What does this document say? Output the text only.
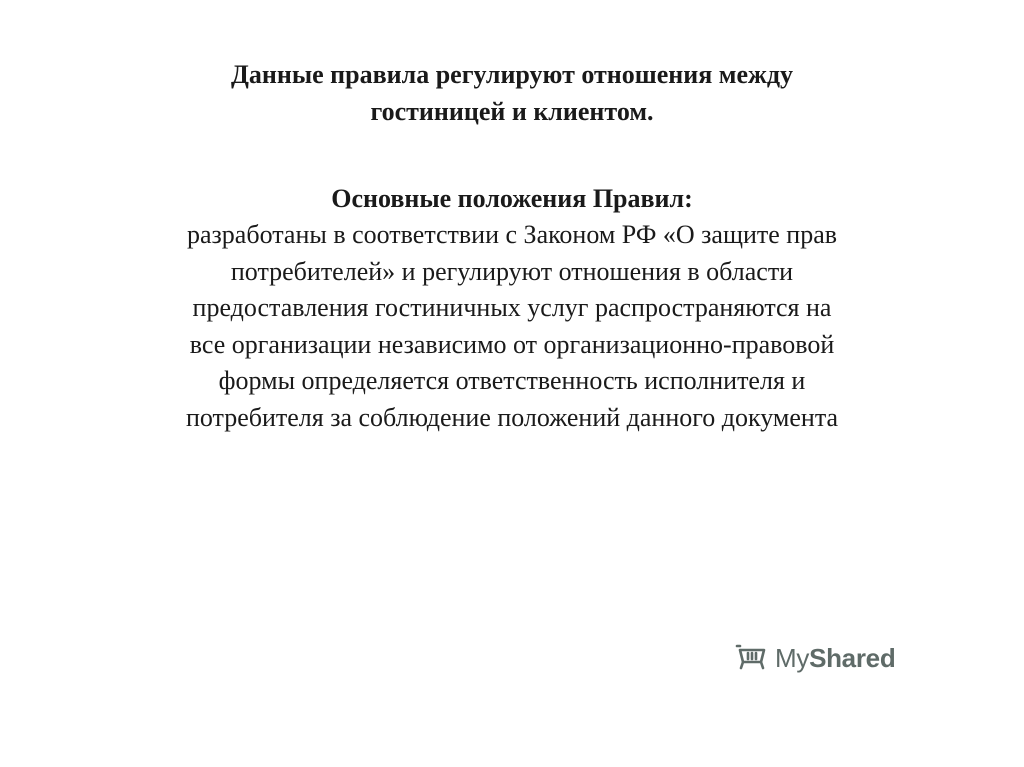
Данные правила регулируют отношения между
гостиницей и клиентом.
Основные положения Правил:
разработаны в соответствии с Законом РФ «О защите прав
потребителей» и регулируют отношения в области
предоставления гостиничных услуг распространяются на
все организации независимо от организационно-правовой
формы определяется ответственность исполнителя и
потребителя за соблюдение положений данного документа
MyShared
